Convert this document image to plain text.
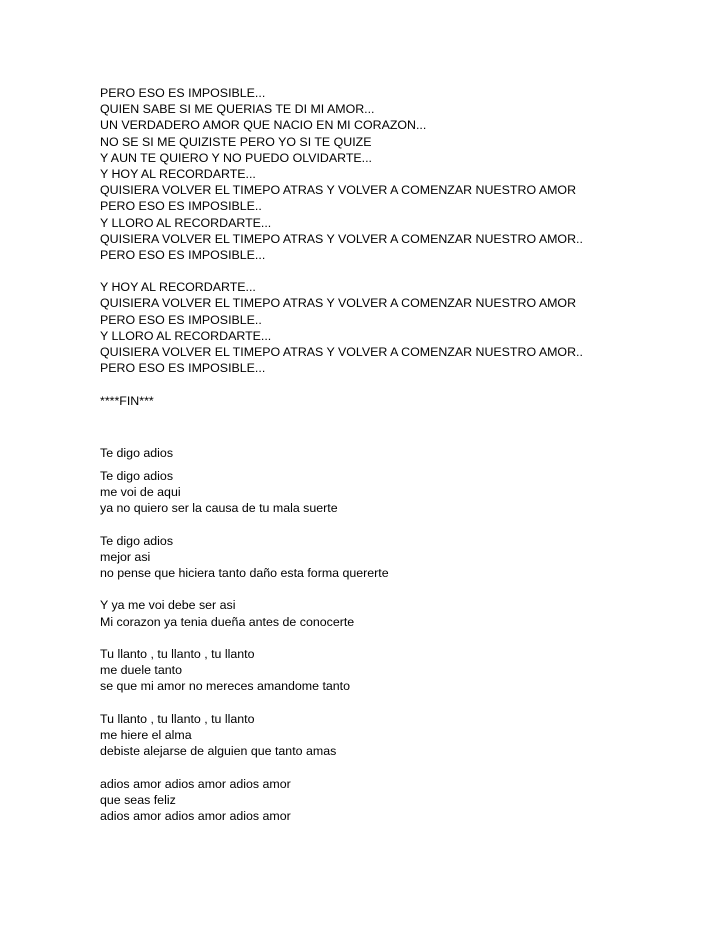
PERO ESO ES IMPOSIBLE...
QUIEN SABE SI ME QUERIAS TE DI MI AMOR...
UN VERDADERO AMOR QUE NACIO EN MI CORAZON...
NO SE SI ME QUIZISTE PERO YO SI TE QUIZE
Y AUN TE QUIERO Y NO PUEDO OLVIDARTE...
Y HOY AL RECORDARTE...
QUISIERA VOLVER EL TIMEPO ATRAS Y VOLVER A COMENZAR NUESTRO AMOR
PERO ESO ES IMPOSIBLE..
Y LLORO AL RECORDARTE...
QUISIERA VOLVER EL TIMEPO ATRAS Y VOLVER A COMENZAR NUESTRO AMOR..
PERO ESO ES IMPOSIBLE...
Y HOY AL RECORDARTE...
QUISIERA VOLVER EL TIMEPO ATRAS Y VOLVER A COMENZAR NUESTRO AMOR
PERO ESO ES IMPOSIBLE..
Y LLORO AL RECORDARTE...
QUISIERA VOLVER EL TIMEPO ATRAS Y VOLVER A COMENZAR NUESTRO AMOR..
PERO ESO ES IMPOSIBLE...
****FIN***
Te digo adios
Te digo adios
me voi de aqui
ya no quiero ser la causa de tu mala suerte
Te digo adios
mejor asi
no pense que hiciera tanto daño esta forma quererte
Y ya me voi debe ser asi
Mi corazon ya tenia dueña antes de conocerte
Tu llanto , tu llanto , tu llanto
me duele tanto
se que mi amor no mereces amandome tanto
Tu llanto , tu llanto , tu llanto
me hiere el alma
debiste alejarse de alguien que tanto amas
adios amor adios amor adios amor
que seas feliz
adios amor adios amor adios amor
